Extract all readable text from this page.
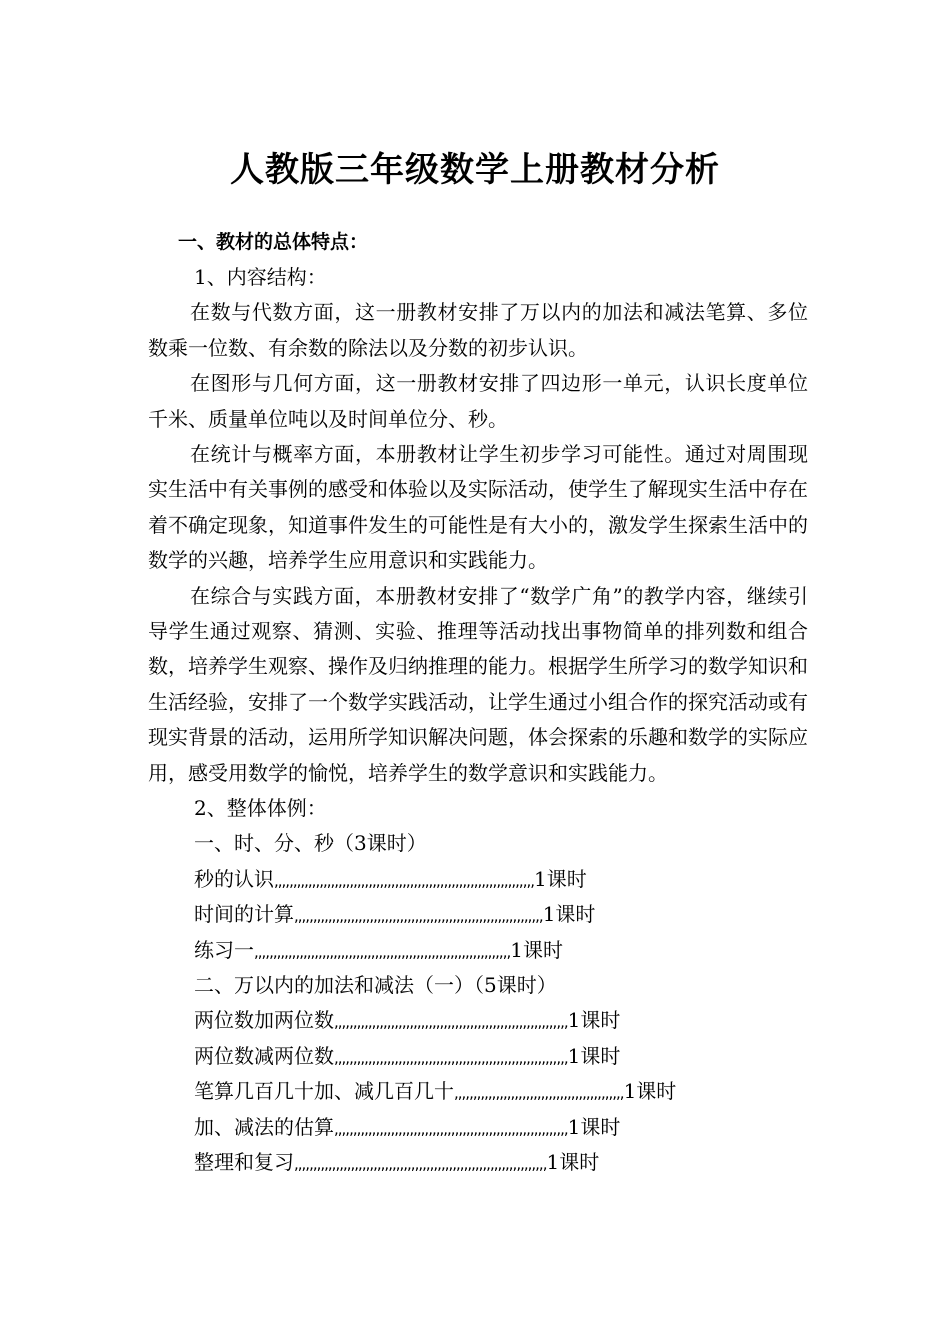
人教版三年级数学上册教材分析
一、教材的总体特点：
1、内容结构：
在数与代数方面，这一册教材安排了万以内的加法和减法笔算、多位数乘一位数、有余数的除法以及分数的初步认识。
在图形与几何方面，这一册教材安排了四边形一单元，认识长度单位千米、质量单位吨以及时间单位分、秒。
在统计与概率方面，本册教材让学生初步学习可能性。通过对周围现实生活中有关事例的感受和体验以及实际活动，使学生了解现实生活中存在着不确定现象，知道事件发生的可能性是有大小的，激发学生探索生活中的数学的兴趣，培养学生应用意识和实践能力。
在综合与实践方面，本册教材安排了“数学广角”的教学内容，继续引导学生通过观察、猜测、实验、推理等活动找出事物简单的排列数和组合数，培养学生观察、操作及归纳推理的能力。根据学生所学习的数学知识和生活经验，安排了一个数学实践活动，让学生通过小组合作的探究活动或有现实背景的活动，运用所学知识解决问题，体会探索的乐趣和数学的实际应用，感受用数学的愉悦，培养学生的数学意识和实践能力。
2、整体体例：
一、时、分、秒（3课时）
秒的认识,,,,,,,,,,,,,,,,,,,,,,,,,,,,,,,,,,,,,,,,,,,,,,,,,,,,,,,,,,,,,,,,,,,,,1课时
时间的计算,,,,,,,,,,,,,,,,,,,,,,,,,,,,,,,,,,,,,,,,,,,,,,,,,,,,,,,,,,,,,,,,,,1课时
练习一,,,,,,,,,,,,,,,,,,,,,,,,,,,,,,,,,,,,,,,,,,,,,,,,,,,,,,,,,,,,,,,,,,,,1课时
二、万以内的加法和减法（一）（5课时）
两位数加两位数,,,,,,,,,,,,,,,,,,,,,,,,,,,,,,,,,,,,,,,,,,,,,,,,,,,,,,,,,,,,,,1课时
两位数减两位数,,,,,,,,,,,,,,,,,,,,,,,,,,,,,,,,,,,,,,,,,,,,,,,,,,,,,,,,,,,,,,1课时
笔算几百几十加、减几百几十,,,,,,,,,,,,,,,,,,,,,,,,,,,,,,,,,,,,,,,,,,,,,1课时
加、减法的估算,,,,,,,,,,,,,,,,,,,,,,,,,,,,,,,,,,,,,,,,,,,,,,,,,,,,,,,,,,,,,,1课时
整理和复习,,,,,,,,,,,,,,,,,,,,,,,,,,,,,,,,,,,,,,,,,,,,,,,,,,,,,,,,,,,,,,,,,,,1课时
